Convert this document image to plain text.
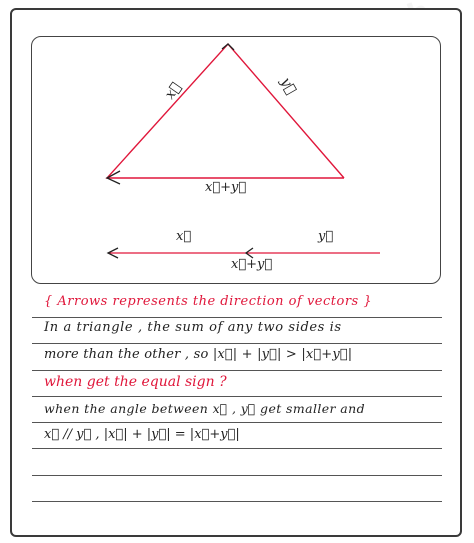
x⃗	y⃗
x⃗+y⃗
x⃗	y⃗
x⃗+y⃗
{ Arrows represents the direction of vectors }
In a triangle , the sum of any two sides is
more than the other , so |x⃗| + |y⃗| > |x⃗+y⃗|
when get the equal sign ?
when the angle between x⃗ , y⃗ get smaller and
x⃗ // y⃗ , |x⃗| + |y⃗| = |x⃗+y⃗|
